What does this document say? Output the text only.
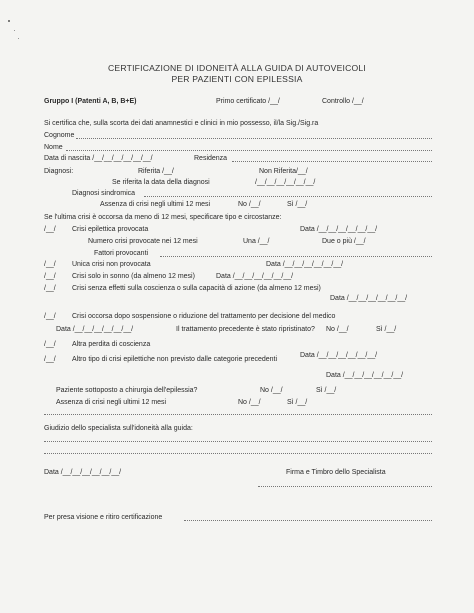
CERTIFICAZIONE DI IDONEITÀ ALLA GUIDA DI AUTOVEICOLI
PER PAZIENTI CON EPILESSIA
Gruppo I (Patenti A, B, B+E)	Primo certificato /__/	Controllo /__/
Si certifica che, sulla scorta dei dati anamnestici e clinici in mio possesso, il/la Sig./Sig.ra
Cognome
Nome
Data di nascita /__/__/__/__/__/__/	Residenza
Diagnosi:	Riferita /__/	Non Riferita/__/
Se riferita la data della diagnosi	/__/__/__/__/__/__/
Diagnosi sindromica
Assenza di crisi negli ultimi 12 mesi	No /__/	Sì /__/
Se l'ultima crisi è occorsa da meno di 12 mesi, specificare tipo e circostanze:
/__/ Crisi epilettica provocata	Data /__/__/__/__/__/__/
Numero crisi provocate nei 12 mesi	Una /__/	Due o più /__/
Fattori provocanti
/__/ Unica crisi non provocata	Data /__/__/__/__/__/__/
/__/ Crisi solo in sonno (da almeno 12 mesi)	Data /__/__/__/__/__/__/
/__/ Crisi senza effetti sulla coscienza o sulla capacità di azione (da almeno 12 mesi)
Data /__/__/__/__/__/__/
/__/ Crisi occorsa dopo sospensione o riduzione del trattamento per decisione del medico
Data /__/__/__/__/__/__/	Il trattamento precedente è stato ripristinato? No /__/	Sì /__/
/__/ Altra perdita di coscienza
Data /__/__/__/__/__/__/
/__/ Altro tipo di crisi epilettiche non previsto dalle categorie precedenti
Data /__/__/__/__/__/__/
Paziente sottoposto a chirurgia dell'epilessia?	No /__/	Sì /__/
Assenza di crisi negli ultimi 12 mesi	No /__/	Sì /__/
Giudizio dello specialista sull'idoneità alla guida:
Data /__/__/__/__/__/__/	Firma e Timbro dello Specialista
Per presa visione e ritiro certificazione
